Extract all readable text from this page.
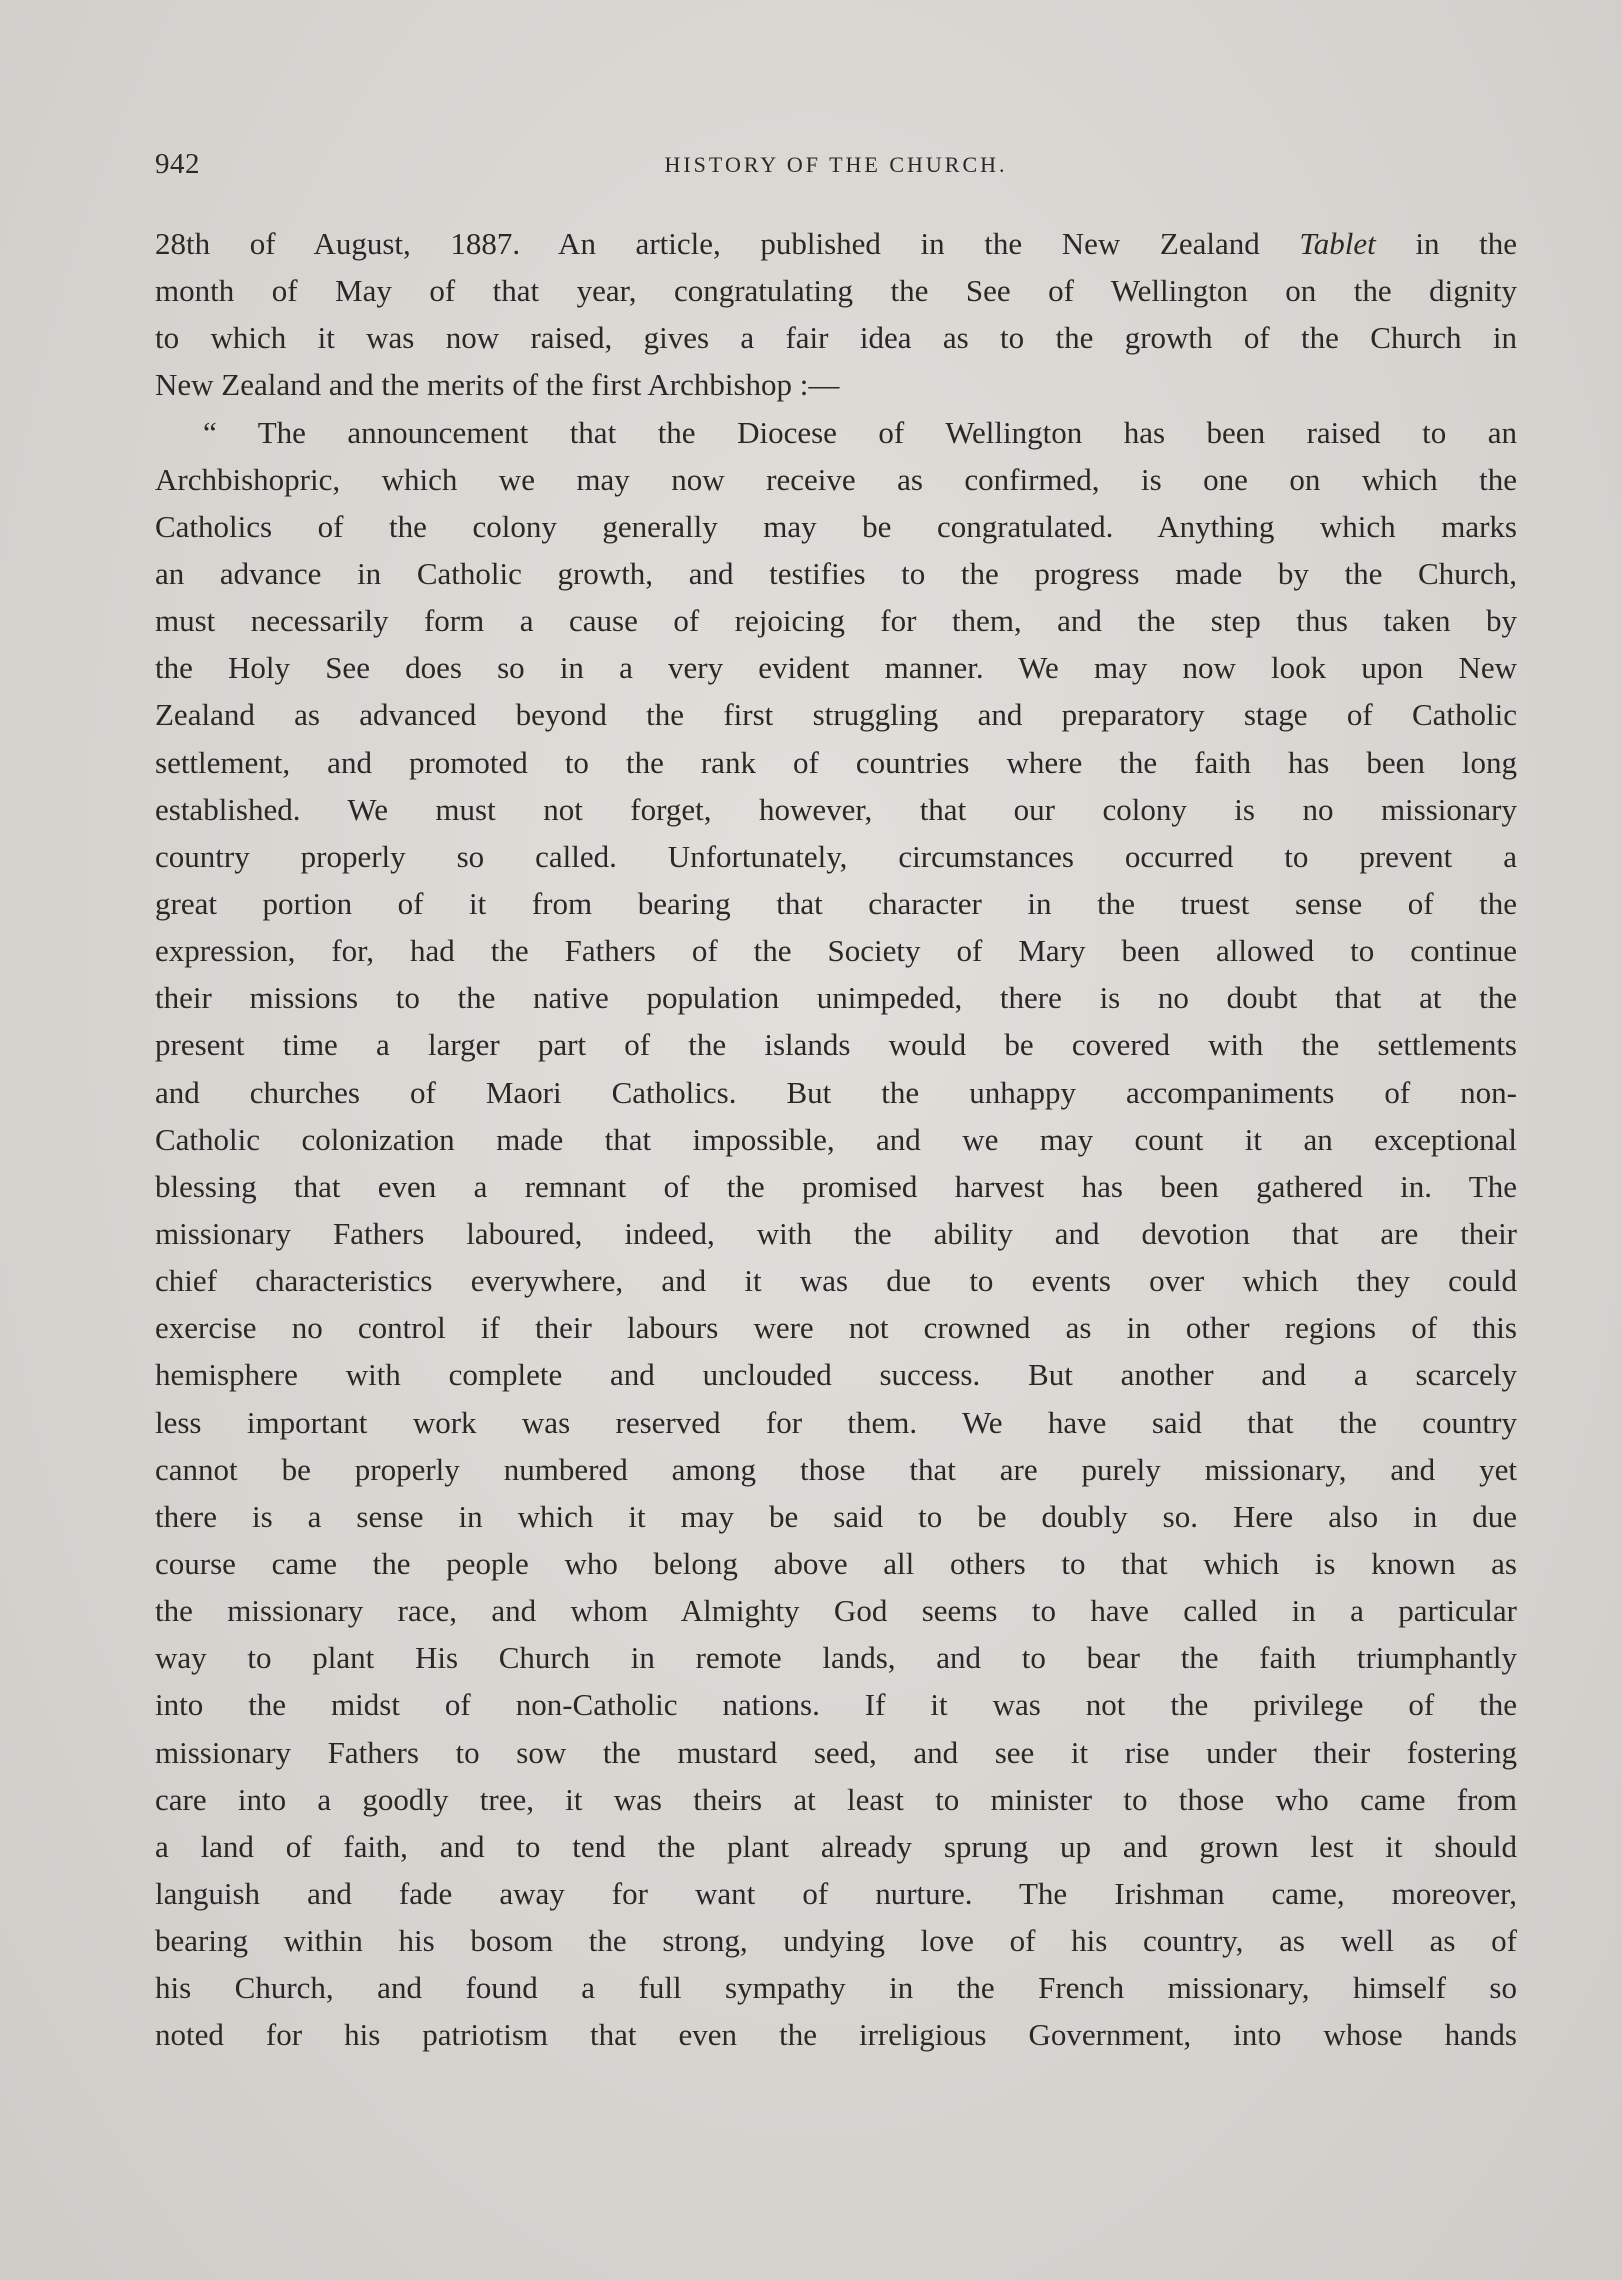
942	HISTORY OF THE CHURCH.
28th of August, 1887. An article, published in the New Zealand Tablet in the
month of May of that year, congratulating the See of Wellington on the dignity
to which it was now raised, gives a fair idea as to the growth of the Church in
New Zealand and the merits of the first Archbishop :—
“ The announcement that the Diocese of Wellington has been raised to an
Archbishopric, which we may now receive as confirmed, is one on which the
Catholics of the colony generally may be congratulated. Anything which marks
an advance in Catholic growth, and testifies to the progress made by the Church,
must necessarily form a cause of rejoicing for them, and the step thus taken by
the Holy See does so in a very evident manner. We may now look upon New
Zealand as advanced beyond the first struggling and preparatory stage of Catholic
settlement, and promoted to the rank of countries where the faith has been long
established. We must not forget, however, that our colony is no missionary
country properly so called. Unfortunately, circumstances occurred to prevent a
great portion of it from bearing that character in the truest sense of the
expression, for, had the Fathers of the Society of Mary been allowed to continue
their missions to the native population unimpeded, there is no doubt that at the
present time a larger part of the islands would be covered with the settlements
and churches of Maori Catholics. But the unhappy accompaniments of non-
Catholic colonization made that impossible, and we may count it an exceptional
blessing that even a remnant of the promised harvest has been gathered in. The
missionary Fathers laboured, indeed, with the ability and devotion that are their
chief characteristics everywhere, and it was due to events over which they could
exercise no control if their labours were not crowned as in other regions of this
hemisphere with complete and unclouded success. But another and a scarcely
less important work was reserved for them. We have said that the country
cannot be properly numbered among those that are purely missionary, and yet
there is a sense in which it may be said to be doubly so. Here also in due
course came the people who belong above all others to that which is known as
the missionary race, and whom Almighty God seems to have called in a particular
way to plant His Church in remote lands, and to bear the faith triumphantly
into the midst of non-Catholic nations. If it was not the privilege of the
missionary Fathers to sow the mustard seed, and see it rise under their fostering
care into a goodly tree, it was theirs at least to minister to those who came from
a land of faith, and to tend the plant already sprung up and grown lest it should
languish and fade away for want of nurture. The Irishman came, moreover,
bearing within his bosom the strong, undying love of his country, as well as of
his Church, and found a full sympathy in the French missionary, himself so
noted for his patriotism that even the irreligious Government, into whose hands
